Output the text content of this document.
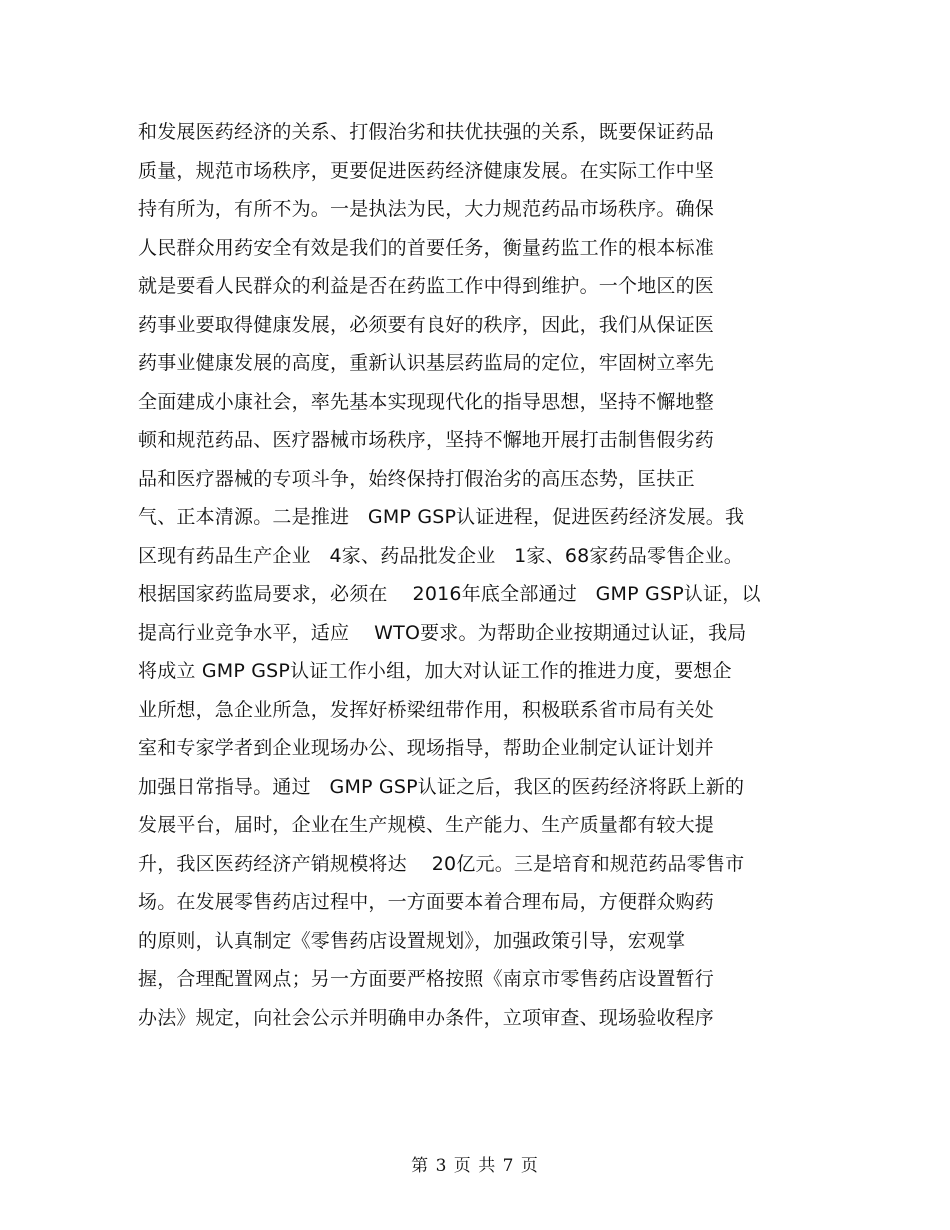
和发展医药经济的关系、打假治劣和扶优扶强的关系，既要保证药品
质量，规范市场秩序，更要促进医药经济健康发展。在实际工作中坚
持有所为，有所不为。一是执法为民，大力规范药品市场秩序。确保
人民群众用药安全有效是我们的首要任务，衡量药监工作的根本标准
就是要看人民群众的利益是否在药监工作中得到维护。一个地区的医
药事业要取得健康发展，必须要有良好的秩序，因此，我们从保证医
药事业健康发展的高度，重新认识基层药监局的定位，牢固树立率先
全面建成小康社会，率先基本实现现代化的指导思想，坚持不懈地整
顿和规范药品、医疗器械市场秩序，坚持不懈地开展打击制售假劣药
品和医疗器械的专项斗争，始终保持打假治劣的高压态势，匡扶正
气、正本清源。二是推进   GMP GSP认证进程，促进医药经济发展。我
区现有药品生产企业   4家、药品批发企业   1家、68家药品零售企业。
根据国家药监局要求，必须在    2016年底全部通过   GMP GSP认证，以
提高行业竞争水平，适应    WTO要求。为帮助企业按期通过认证，我局
将成立 GMP GSP认证工作小组，加大对认证工作的推进力度，要想企
业所想，急企业所急，发挥好桥梁纽带作用，积极联系省市局有关处
室和专家学者到企业现场办公、现场指导，帮助企业制定认证计划并
加强日常指导。通过   GMP GSP认证之后，我区的医药经济将跃上新的
发展平台，届时，企业在生产规模、生产能力、生产质量都有较大提
升，我区医药经济产销规模将达    20亿元。三是培育和规范药品零售市
场。在发展零售药店过程中，一方面要本着合理布局，方便群众购药
的原则，认真制定《零售药店设置规划》，加强政策引导，宏观掌
握，合理配置网点；另一方面要严格按照《南京市零售药店设置暂行
办法》规定，向社会公示并明确申办条件，立项审查、现场验收程序
第 3 页 共 7 页
